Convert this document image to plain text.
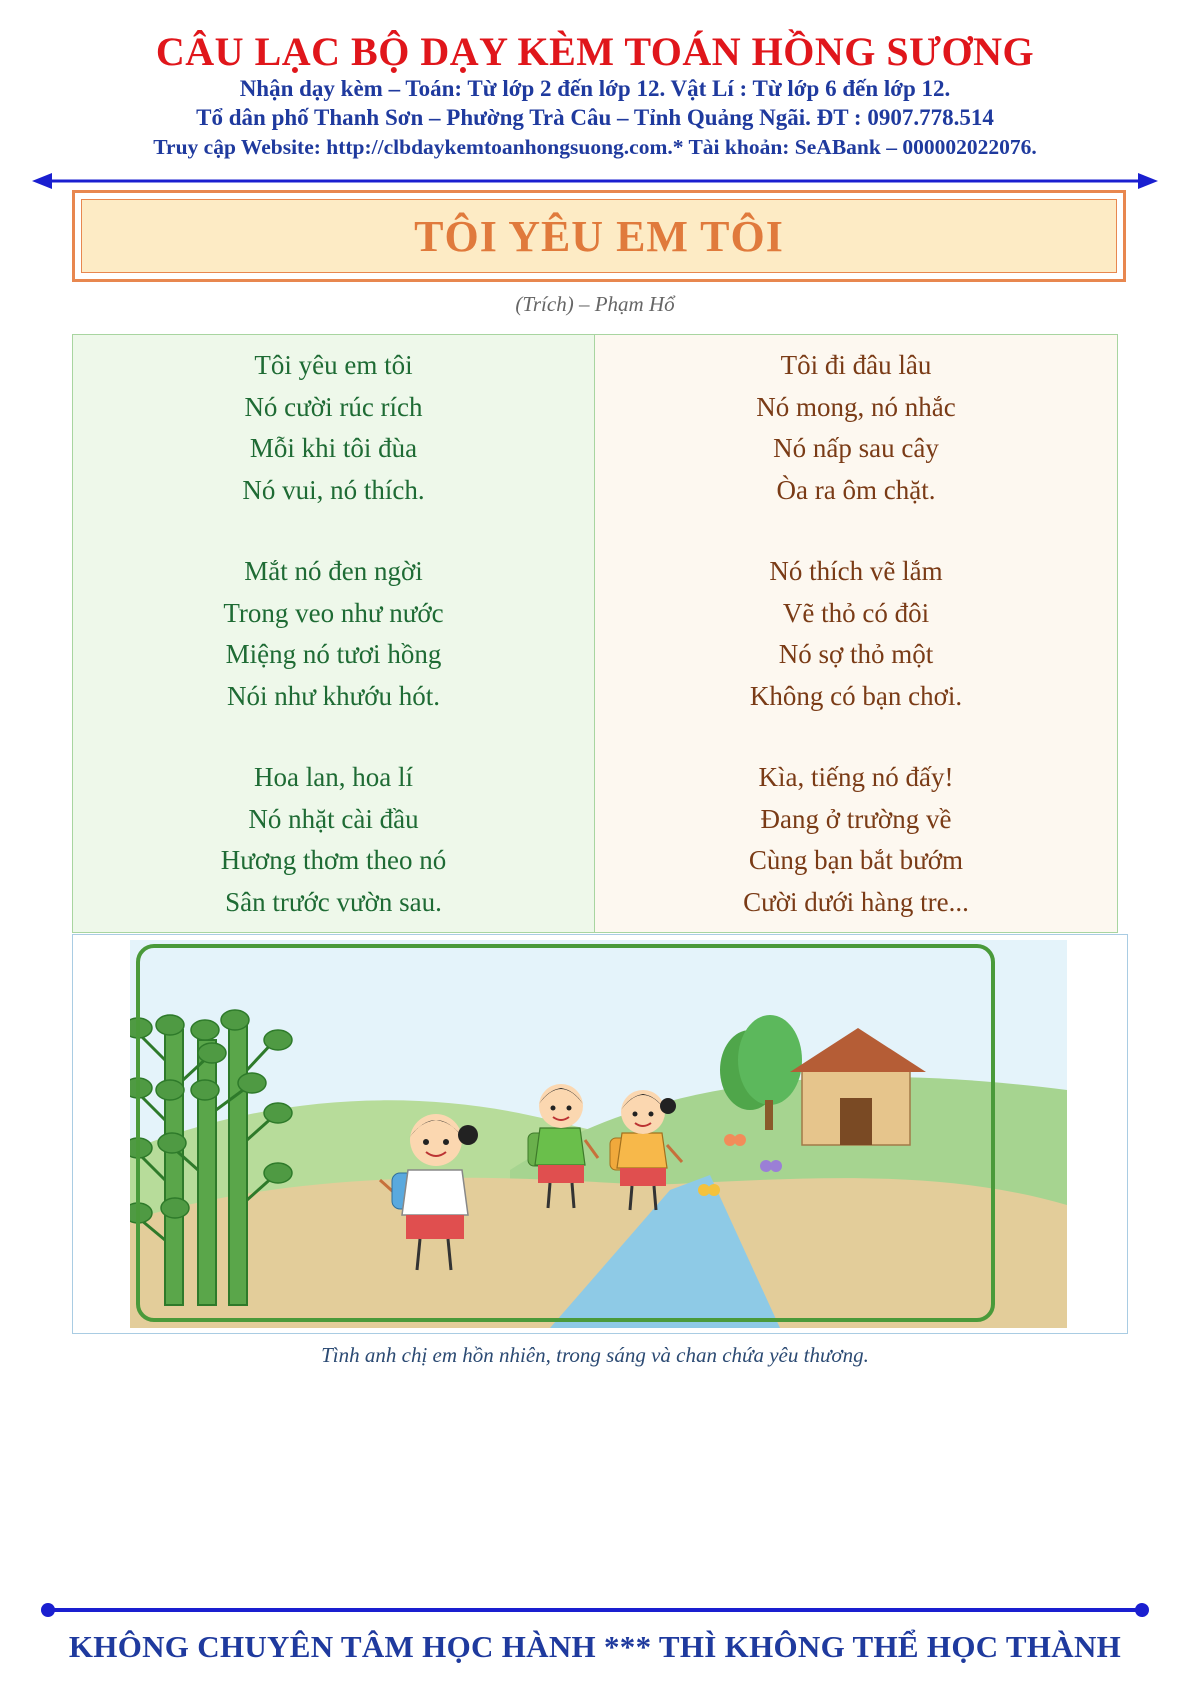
CÂU LẠC BỘ DẠY KÈM TOÁN HỒNG SƯƠNG
Nhận dạy kèm – Toán: Từ lớp 2 đến lớp 12. Vật Lí : Từ lớp 6 đến lớp 12.
Tổ dân phố Thanh Sơn – Phường Trà Câu – Tỉnh Quảng Ngãi. ĐT : 0907.778.514
Truy cập Website: http://clbdaykemtoanhongsuong.com.* Tài khoản: SeABank – 000002022076.
TÔI YÊU EM TÔI
(Trích) – Phạm Hổ
Tôi yêu em tôi
Nó cười rúc rích
Mỗi khi tôi đùa
Nó vui, nó thích.
Mắt nó đen ngời
Trong veo như nước
Miệng nó tươi hồng
Nói như khướu hót.
Hoa lan, hoa lí
Nó nhặt cài đầu
Hương thơm theo nó
Sân trước vườn sau.
Tôi đi đâu lâu
Nó mong, nó nhắc
Nó nấp sau cây
Òa ra ôm chặt.
Nó thích vẽ lắm
Vẽ thỏ có đôi
Nó sợ thỏ một
Không có bạn chơi.
Kìa, tiếng nó đấy!
Đang ở trường về
Cùng bạn bắt bướm
Cười dưới hàng tre...
Tình anh chị em hồn nhiên, trong sáng và chan chứa yêu thương.
KHÔNG CHUYÊN TÂM HỌC HÀNH *** THÌ KHÔNG THỂ HỌC THÀNH
